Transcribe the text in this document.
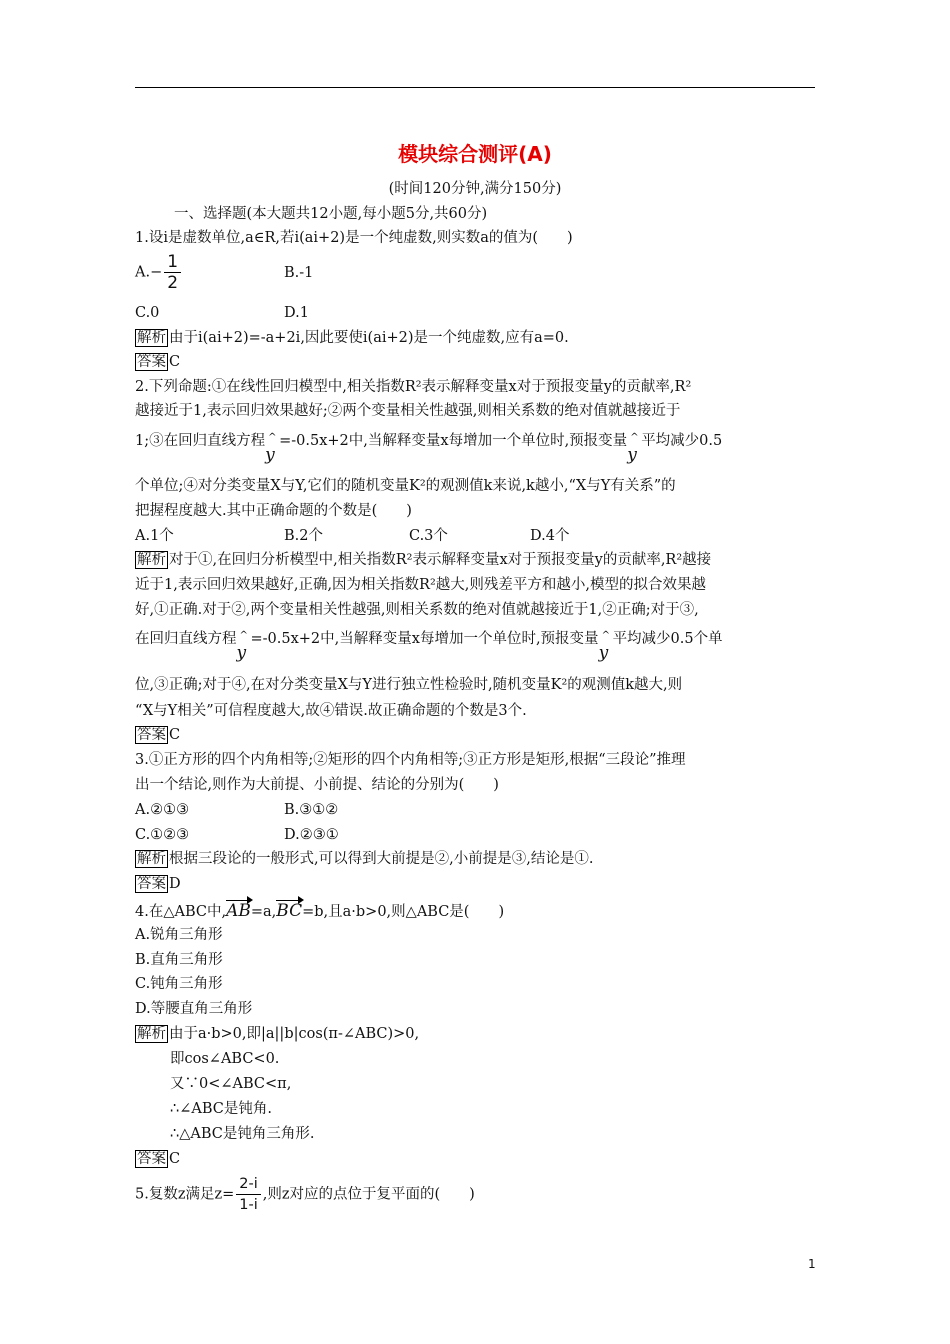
模块综合测评(A)
(时间120分钟,满分150分)
一、选择题(本大题共12小题,每小题5分,共60分)
1.设i是虚数单位,a∈R,若i(ai+2)是一个纯虚数,则实数a的值为(　　)
$A.- \frac{1}{2}$	B.-1
C.0	D.1
解析 由于i(ai+2)=-a+2i,因此要使i(ai+2)是一个纯虚数,应有a=0.
答案 C
2.下列命题:①在线性回归模型中,相关指数R²表示解释变量x对于预报变量y的贡献率,R²
越接近于1,表示回归效果越好;②两个变量相关性越强,则相关系数的绝对值就越接近于
1;③在回归直线方程 ^
y
=-0.5x+2中,当解释变量x每增加一个单位时,预报变量 ^
y
平均减少0.5
个单位;④对分类变量X与Y,它们的随机变量K²的观测值k来说,k越小,“X与Y有关系”的
把握程度越大.其中正确命题的个数是(　　)
A.1个	B.2个	C.3个	D.4个
解析 对于①,在回归分析模型中,相关指数R²表示解释变量x对于预报变量y的贡献率,R²越接
近于1,表示回归效果越好,正确,因为相关指数R²越大,则残差平方和越小,模型的拟合效果越
好,①正确.对于②,两个变量相关性越强,则相关系数的绝对值就越接近于1,②正确;对于③,
在回归直线方程 ^
y
=-0.5x+2中,当解释变量x每增加一个单位时,预报变量 ^
y
平均减少0.5个单
位,③正确;对于④,在对分类变量X与Y进行独立性检验时,随机变量K²的观测值k越大,则
“X与Y相关”可信程度越大,故④错误.故正确命题的个数是3个.
答案 C
3.①正方形的四个内角相等;②矩形的四个内角相等;③正方形是矩形,根据“三段论”推理
出一个结论,则作为大前提、小前提、结论的分别为(　　)
A.②①③	B.③①②
C.①②③	D.②③①
解析 根据三段论的一般形式,可以得到大前提是②,小前提是③,结论是①.
答案 D
4.在△ABC中,AB=a,BC=b,且a·b>0,则△ABC是(　　)
A.锐角三角形
B.直角三角形
C.钝角三角形
D.等腰直角三角形
解析 由于a·b>0,即|a||b|cos(π-∠ABC)>0,
即cos∠ABC<0.
又∵0<∠ABC<π,
∴∠ABC是钝角.
∴△ABC是钝角三角形.
答案 C
5.复数z满足$z= \frac{2-i}{1-i}$ ,则z对应的点位于复平面的(　　)
1
